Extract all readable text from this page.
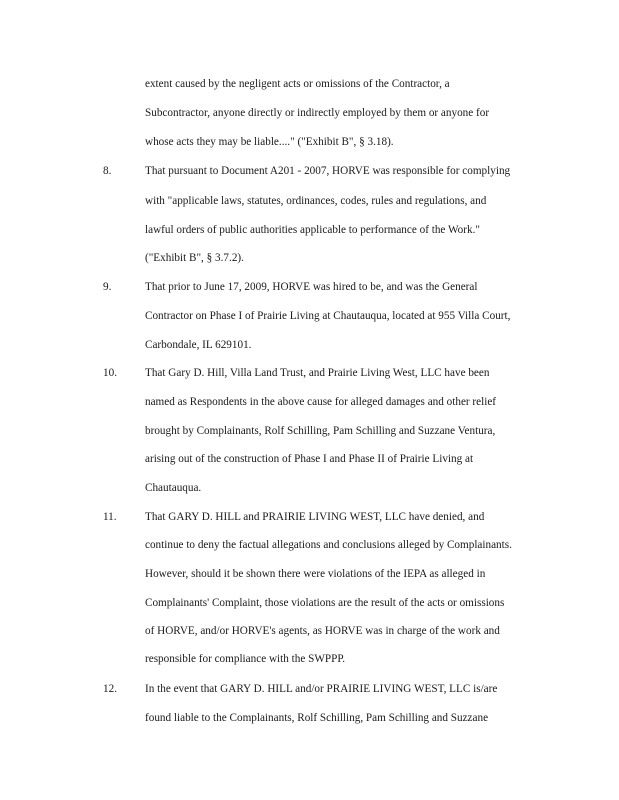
extent caused by the negligent acts or omissions of the Contractor, a
Subcontractor, anyone directly or indirectly employed by them or anyone for
whose acts they may be liable...." ("Exhibit B", § 3.18).
8.	That pursuant to Document A201 - 2007, HORVE was responsible for complying
with "applicable laws, statutes, ordinances, codes, rules and regulations, and
lawful orders of public authorities applicable to performance of the Work."
("Exhibit B", § 3.7.2).
9.	That prior to June 17, 2009, HORVE was hired to be, and was the General
Contractor on Phase I of Prairie Living at Chautauqua, located at 955 Villa Court,
Carbondale, IL 629101.
10.	That Gary D. Hill, Villa Land Trust, and Prairie Living West, LLC have been
named as Respondents in the above cause for alleged damages and other relief
brought by Complainants, Rolf Schilling, Pam Schilling and Suzzane Ventura,
arising out of the construction of Phase I and Phase II of Prairie Living at
Chautauqua.
11.	That GARY D. HILL and PRAIRIE LIVING WEST, LLC have denied, and
continue to deny the factual allegations and conclusions alleged by Complainants.
However, should it be shown there were violations of the IEPA as alleged in
Complainants' Complaint, those violations are the result of the acts or omissions
of HORVE, and/or HORVE's agents, as HORVE was in charge of the work and
responsible for compliance with the SWPPP.
12.	In the event that GARY D. HILL and/or PRAIRIE LIVING WEST, LLC is/are
found liable to the Complainants, Rolf Schilling, Pam Schilling and Suzzane
